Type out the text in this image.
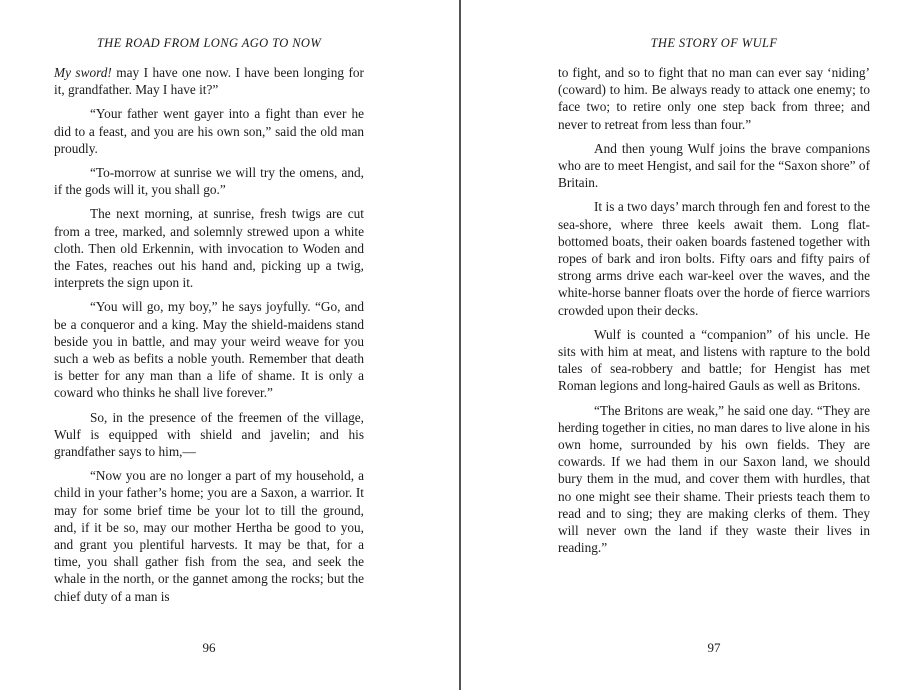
THE ROAD FROM LONG AGO TO NOW

My sword! may I have one now. I have been longing for it, grandfather. May I have it?”

“Your father went gayer into a fight than ever he did to a feast, and you are his own son,” said the old man proudly.

“To-morrow at sunrise we will try the omens, and, if the gods will it, you shall go.”

The next morning, at sunrise, fresh twigs are cut from a tree, marked, and solemnly strewed upon a white cloth. Then old Erkennin, with invocation to Woden and the Fates, reaches out his hand and, picking up a twig, interprets the sign upon it.

“You will go, my boy,” he says joyfully. “Go, and be a conqueror and a king. May the shield-maidens stand beside you in battle, and may your weird weave for you such a web as befits a noble youth. Remember that death is better for any man than a life of shame. It is only a coward who thinks he shall live forever.”

So, in the presence of the freemen of the village, Wulf is equipped with shield and javelin; and his grandfather says to him,—

“Now you are no longer a part of my household, a child in your father’s home; you are a Saxon, a warrior. It may for some brief time be your lot to till the ground, and, if it be so, may our mother Hertha be good to you, and grant you plentiful harvests. It may be that, for a time, you shall gather fish from the sea, and seek the whale in the north, or the gannet among the rocks; but the chief duty of a man is

96
THE STORY OF WULF

to fight, and so to fight that no man can ever say ‘niding’ (coward) to him. Be always ready to attack one enemy; to face two; to retire only one step back from three; and never to retreat from less than four.”

And then young Wulf joins the brave companions who are to meet Hengist, and sail for the “Saxon shore” of Britain.

It is a two days’ march through fen and forest to the sea-shore, where three keels await them. Long flat-bottomed boats, their oaken boards fastened together with ropes of bark and iron bolts. Fifty oars and fifty pairs of strong arms drive each war-keel over the waves, and the white-horse banner floats over the horde of fierce warriors crowded upon their decks.

Wulf is counted a “companion” of his uncle. He sits with him at meat, and listens with rapture to the bold tales of sea-robbery and battle; for Hengist has met Roman legions and long-haired Gauls as well as Britons.

“The Britons are weak,” he said one day. “They are herding together in cities, no man dares to live alone in his own home, surrounded by his own fields. They are cowards. If we had them in our Saxon land, we should bury them in the mud, and cover them with hurdles, that no one might see their shame. Their priests teach them to read and to sing; they are making clerks of them. They will never own the land if they waste their lives in reading.”

97
